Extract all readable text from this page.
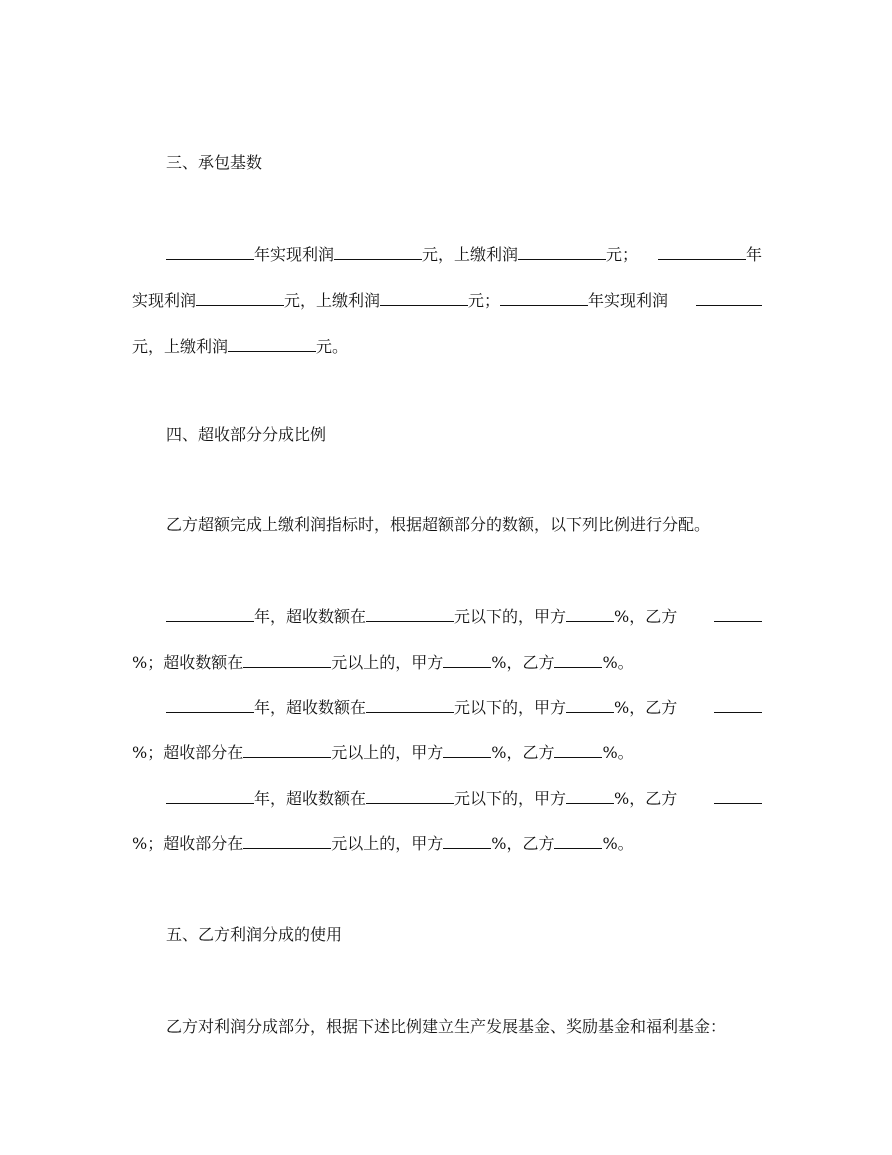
三、承包基数
年实现利润	元，上缴利润	元；	年
实现利润	元，上缴利润	元；	年实现利润
元，上缴利润	元。
四、超收部分分成比例
乙方超额完成上缴利润指标时，根据超额部分的数额，以下列比例进行分配。
年，超收数额在	元以下的，甲方	%，乙方
%；超收数额在	元以上的，甲方	%，乙方	%。
年，超收数额在	元以下的，甲方	%，乙方
%；超收部分在	元以上的，甲方	%，乙方	%。
年，超收数额在	元以下的，甲方	%，乙方
%；超收部分在	元以上的，甲方	%，乙方	%。
五、乙方利润分成的使用
乙方对利润分成部分，根据下述比例建立生产发展基金、奖励基金和福利基金：
